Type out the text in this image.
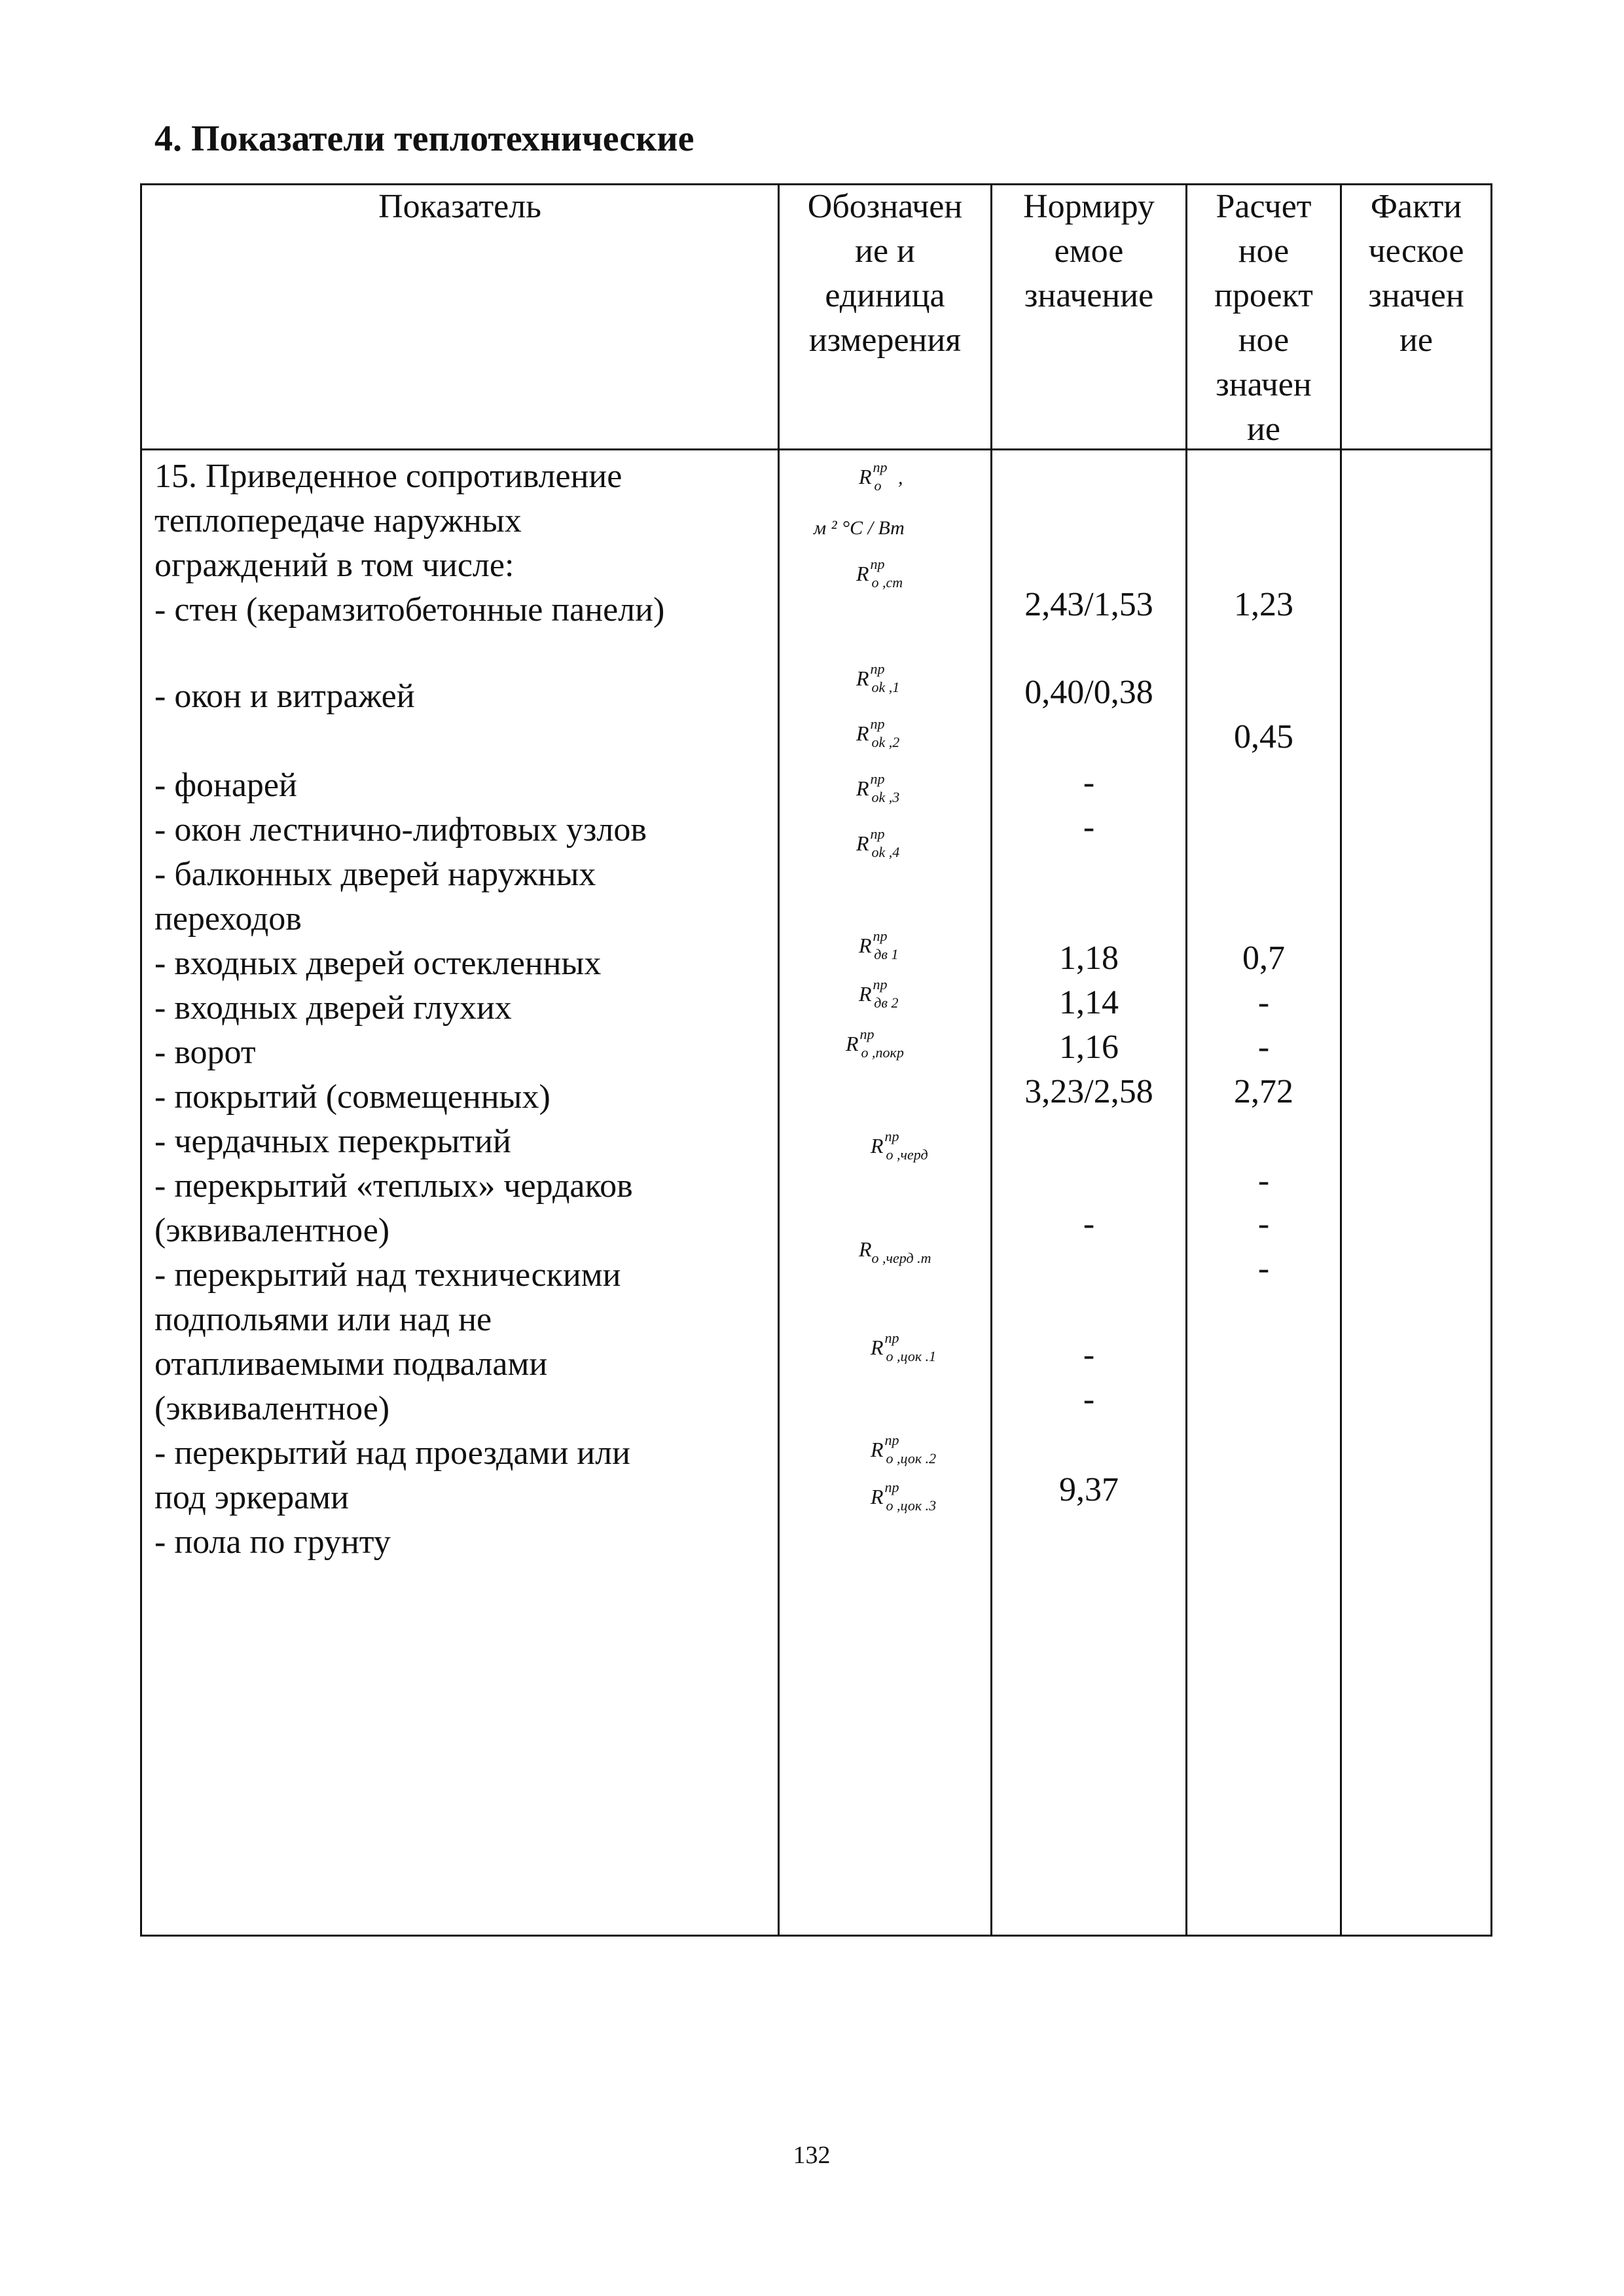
4. Показатели теплотехнические
Показатель	Обозначен
ие и
единица
измерения
Нормиру
емое
значение
Расчет
ное
проект
ное
значен
ие
Факти
ческое
значен
ие
15. Приведенное сопротивление
теплопередаче наружных
ограждений в том числе:
- стен (керамзитобетонные панели)
- окон и витражей
- фонарей
- окон лестнично-лифтовых узлов
- балконных дверей наружных
переходов
- входных дверей остекленных
- входных дверей глухих
- ворот
- покрытий (совмещенных)
- чердачных перекрытий
- перекрытий «теплых» чердаков
(эквивалентное)
- перекрытий над техническими
подпольями или над не
отапливаемыми подвалами
(эквивалентное)
- перекрытий над проездами или
под эркерами
- пола по грунту
Rпро ,
м ² °C / Вт
Rпро ,ст
Rпрok ,1
Rпрok ,2
Rпрok ,3
Rпрok ,4
Rпрдв 1
Rпрдв 2
Rпро ,покр
Rпро ,черд
Rо ,черд .т
Rпро ,цок .1
Rпро ,цок .2
Rпро ,цок .3
2,43/1,53
0,40/0,38
-
-
1,18
1,14
1,16
3,23/2,58
-
-
-
9,37
1,23
0,45
0,7
-
-
2,72
-
-
-
132
